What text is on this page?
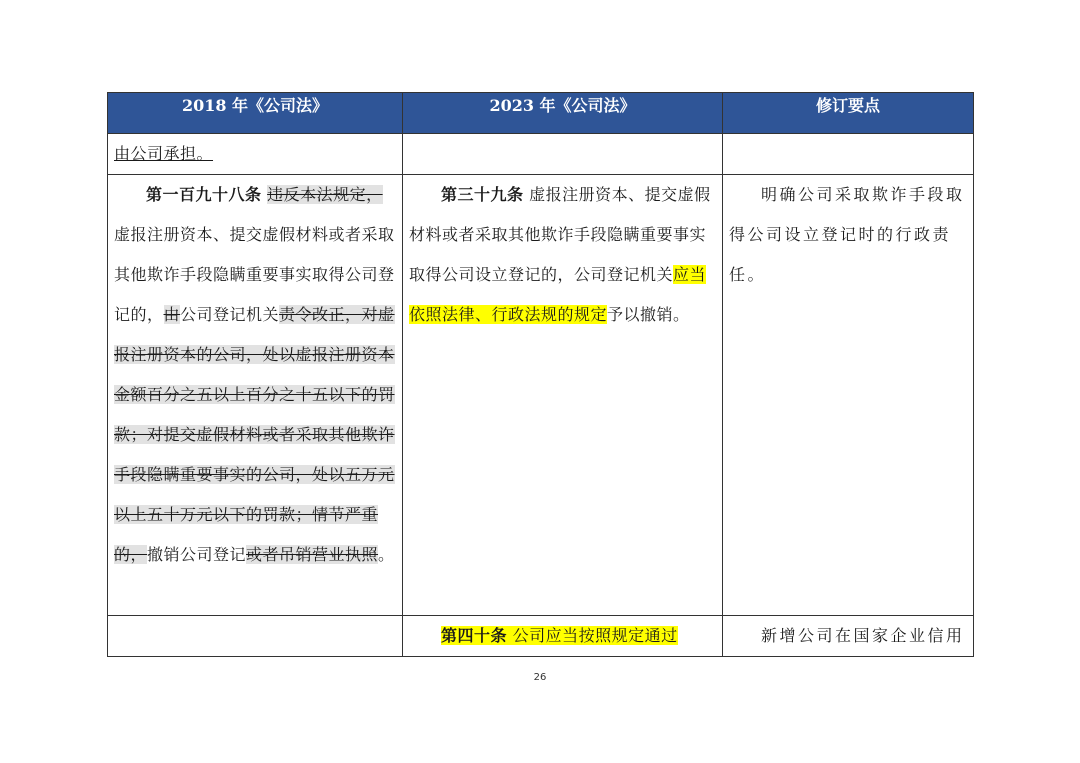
2018 年《公司法》	2023 年《公司法》	修订要点

由公司承担。		

第一百九十八条 违反本法规定，虚报注册资本、提交虚假材料或者采取其他欺诈手段隐瞒重要事实取得公司登记的，由公司登记机关责令改正，对虚报注册资本的公司，处以虚报注册资本金额百分之五以上百分之十五以下的罚款；对提交虚假材料或者采取其他欺诈手段隐瞒重要事实的公司，处以五万元以上五十万元以下的罚款；情节严重的，撤销公司登记或者吊销营业执照。	第三十九条 虚报注册资本、提交虚假材料或者采取其他欺诈手段隐瞒重要事实取得公司设立登记的，公司登记机关应当依照法律、行政法规的规定予以撤销。	明确公司采取欺诈手段取得公司设立登记时的行政责任。

	第四十条 公司应当按照规定通过	新增公司在国家企业信用
26
